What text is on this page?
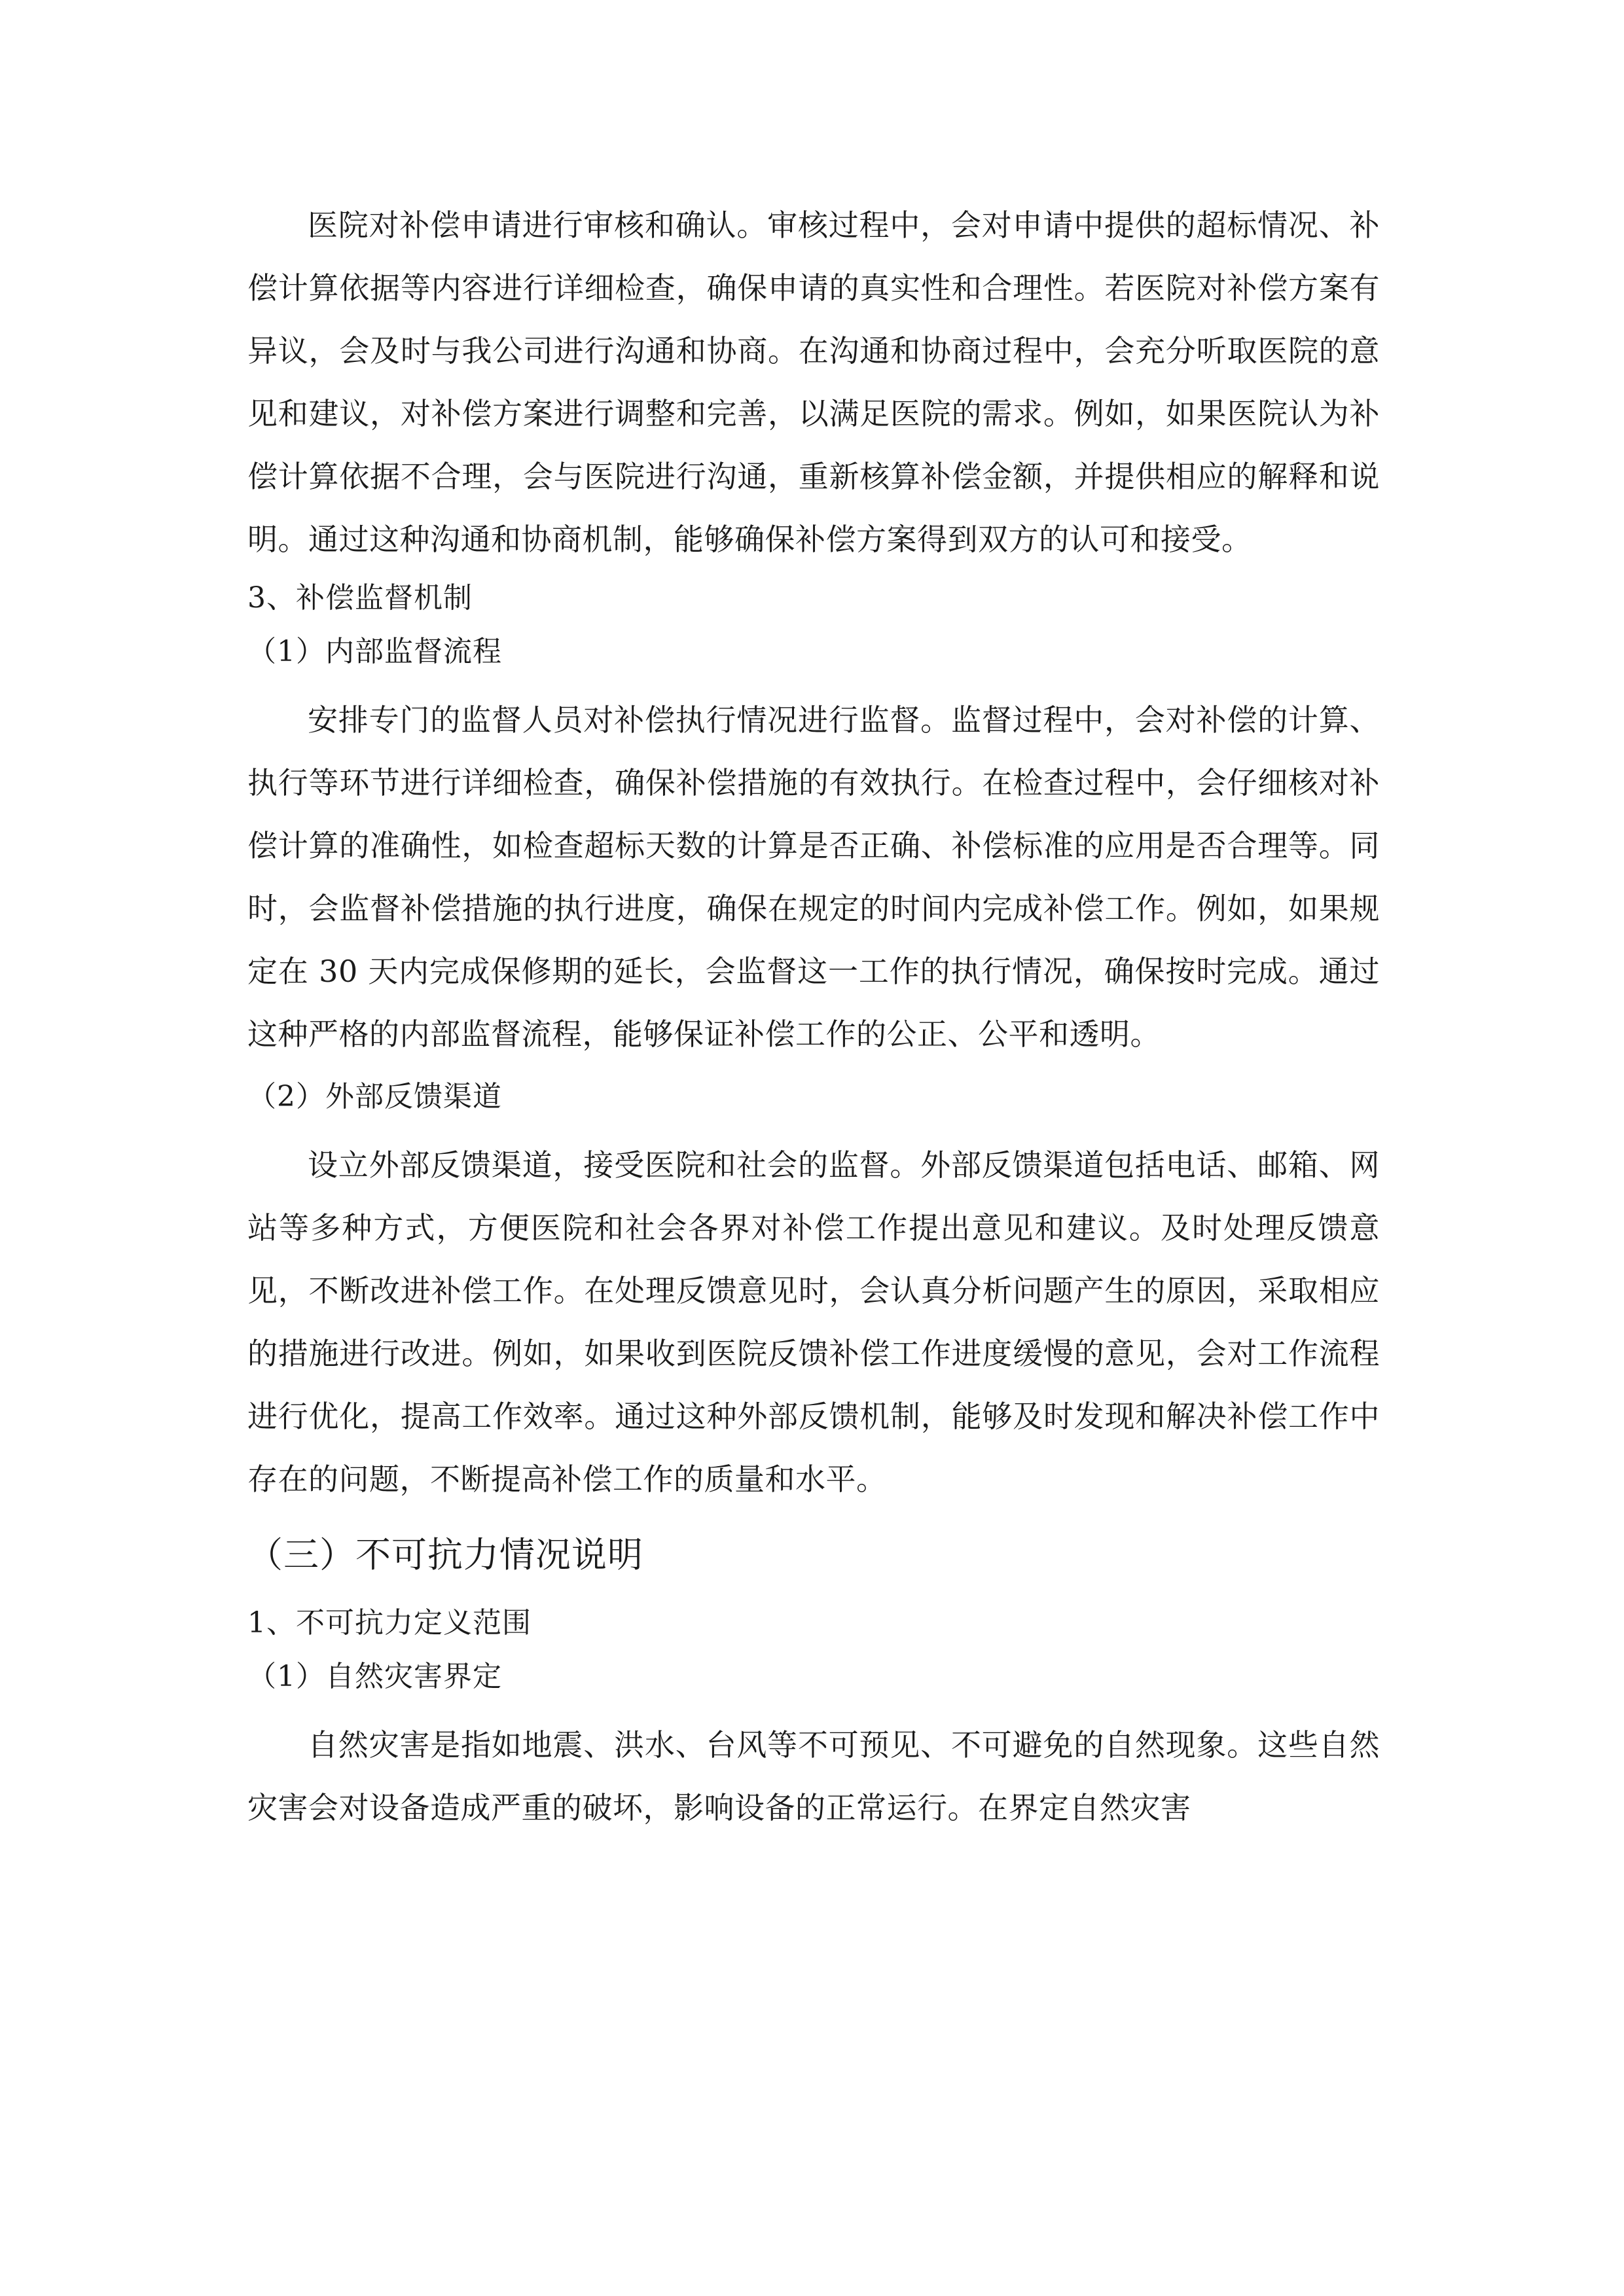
医院对补偿申请进行审核和确认。审核过程中，会对申请中提供的超标情况、补偿计算依据等内容进行详细检查，确保申请的真实性和合理性。若医院对补偿方案有异议，会及时与我公司进行沟通和协商。在沟通和协商过程中，会充分听取医院的意见和建议，对补偿方案进行调整和完善，以满足医院的需求。例如，如果医院认为补偿计算依据不合理，会与医院进行沟通，重新核算补偿金额，并提供相应的解释和说明。通过这种沟通和协商机制，能够确保补偿方案得到双方的认可和接受。

3、补偿监督机制
（1）内部监督流程

安排专门的监督人员对补偿执行情况进行监督。监督过程中，会对补偿的计算、执行等环节进行详细检查，确保补偿措施的有效执行。在检查过程中，会仔细核对补偿计算的准确性，如检查超标天数的计算是否正确、补偿标准的应用是否合理等。同时，会监督补偿措施的执行进度，确保在规定的时间内完成补偿工作。例如，如果规定在 30 天内完成保修期的延长，会监督这一工作的执行情况，确保按时完成。通过这种严格的内部监督流程，能够保证补偿工作的公正、公平和透明。

（2）外部反馈渠道

设立外部反馈渠道，接受医院和社会的监督。外部反馈渠道包括电话、邮箱、网站等多种方式，方便医院和社会各界对补偿工作提出意见和建议。及时处理反馈意见，不断改进补偿工作。在处理反馈意见时，会认真分析问题产生的原因，采取相应的措施进行改进。例如，如果收到医院反馈补偿工作进度缓慢的意见，会对工作流程进行优化，提高工作效率。通过这种外部反馈机制，能够及时发现和解决补偿工作中存在的问题，不断提高补偿工作的质量和水平。

（三）不可抗力情况说明
1、不可抗力定义范围
（1）自然灾害界定

自然灾害是指如地震、洪水、台风等不可预见、不可避免的自然现象。这些自然灾害会对设备造成严重的破坏，影响设备的正常运行。在界定自然灾害
